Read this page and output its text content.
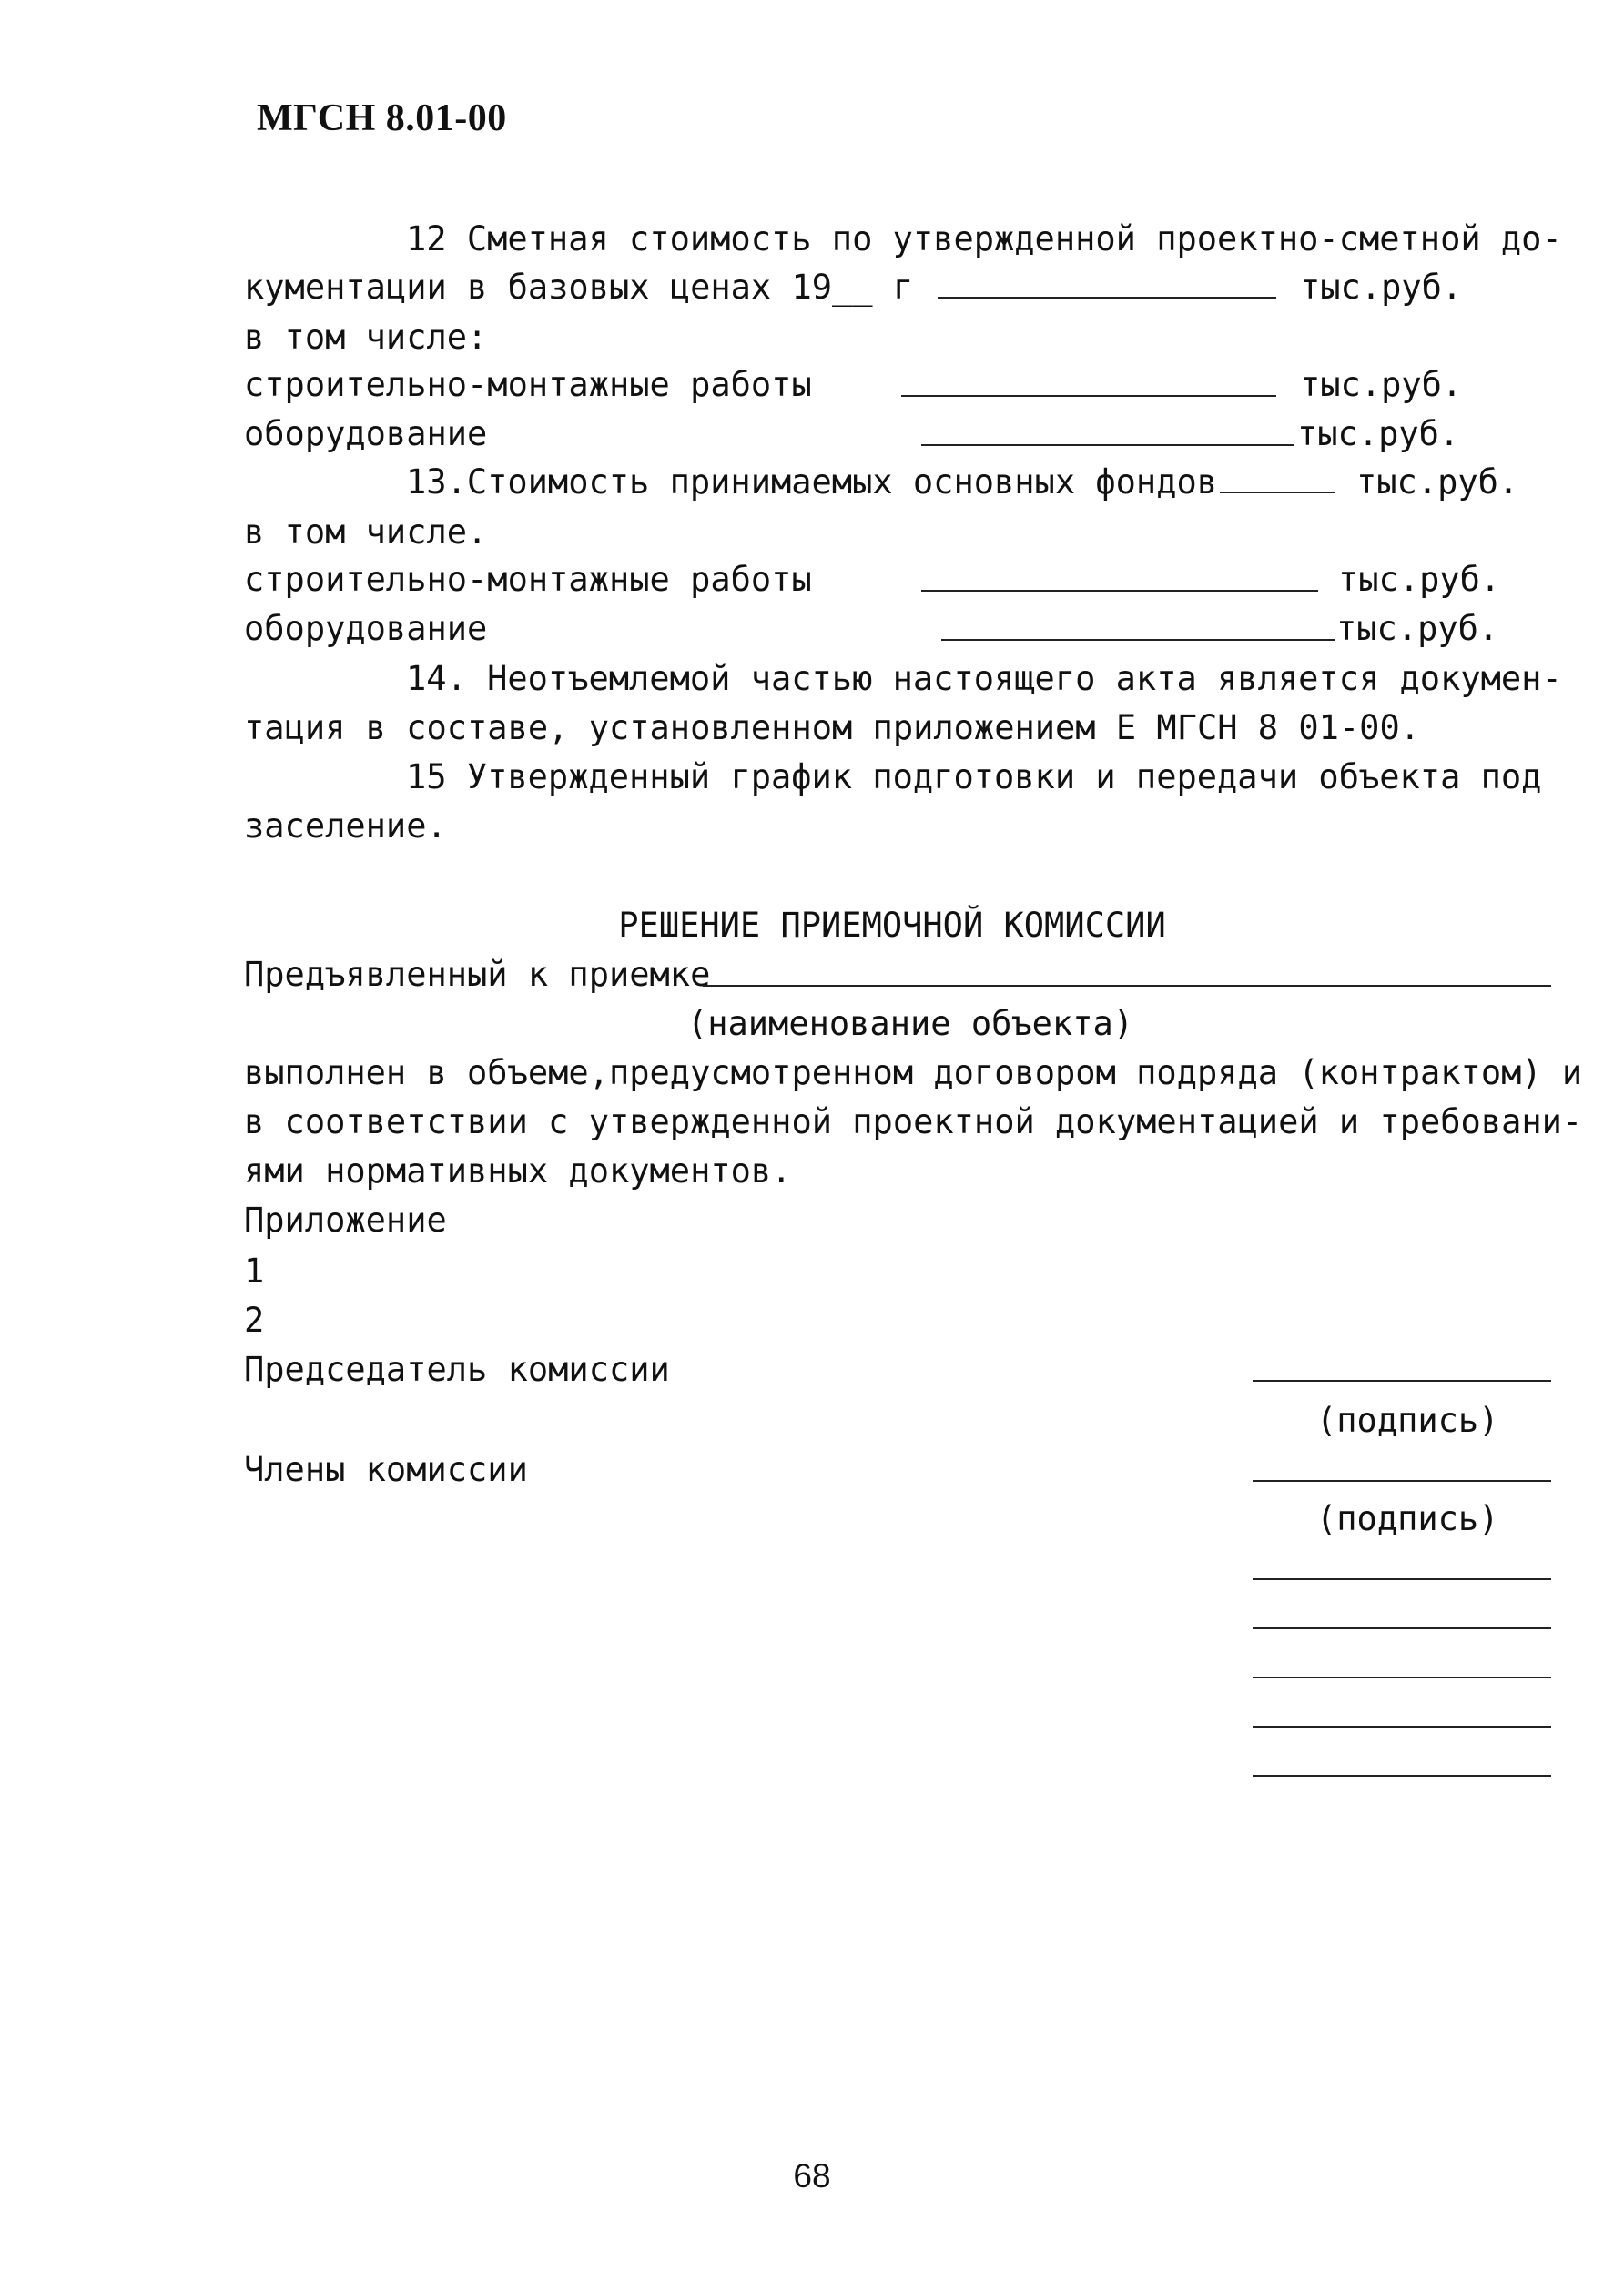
МГСН 8.01-00
12 Сметная стоимость по утвержденной проектно-сметной до-
кументации в базовых ценах 19__ г	тыс.руб.
в том числе:
строительно-монтажные работы	тыс.руб.
оборудование	тыс.руб.
13.Стоимость принимаемых основных фондов	тыс.руб.
в том числе.
строительно-монтажные работы	тыс.руб.
оборудование	тыс.руб.
14. Неотъемлемой частью настоящего акта является докумен-
тация в составе, установленном приложением Е МГСН 8 01-00.
15 Утвержденный график подготовки и передачи объекта под
заселение.
РЕШЕНИЕ ПРИЕМОЧНОЙ КОМИССИИ
Предъявленный к приемке
(наименование объекта)
выполнен в объеме,предусмотренном договором подряда (контрактом) и
в соответствии с утвержденной проектной документацией и требовани-
ями нормативных документов.
Приложение
1
2
Председатель комиссии
(подпись)
Члены комиссии
(подпись)
68
